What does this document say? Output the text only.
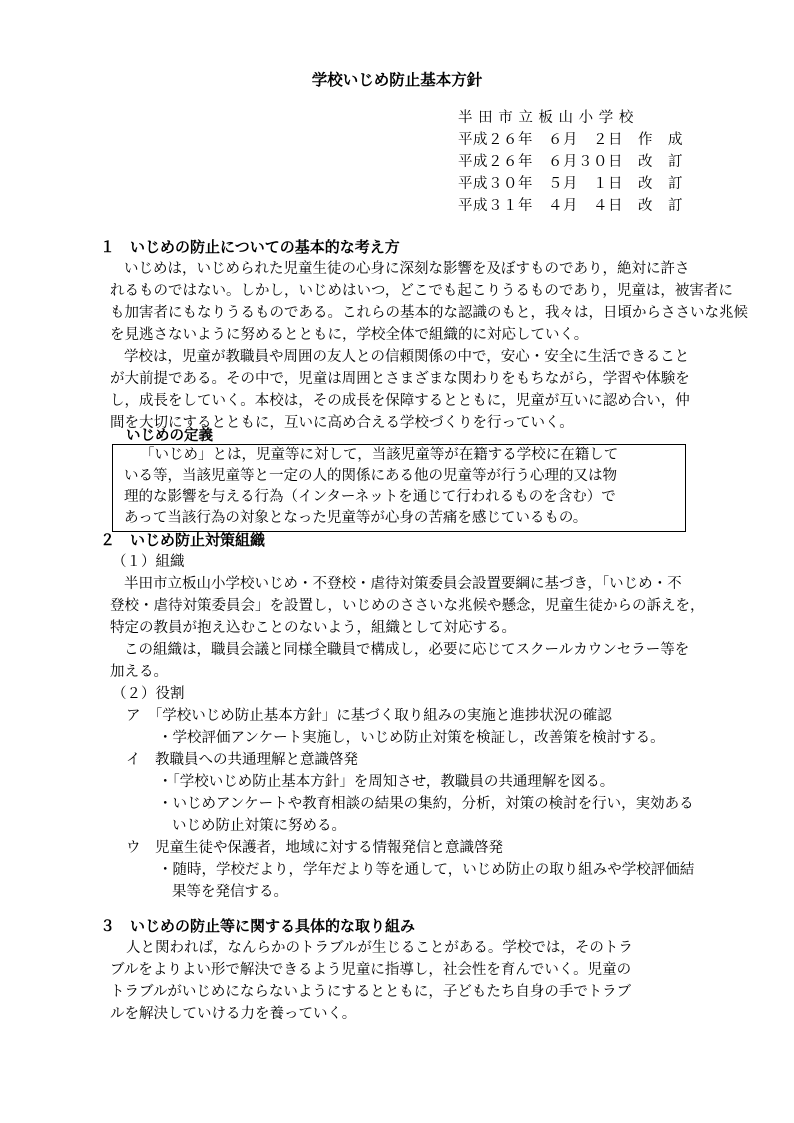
学校いじめ防止基本方針
半 田 市 立 板 山 小 学 校
平成２６年　６月　２日　作　成
平成２６年　６月３０日　改　訂
平成３０年　５月　１日　改　訂
平成３１年　４月　４日　改　訂
１　いじめの防止についての基本的な考え方
いじめは，いじめられた児童生徒の心身に深刻な影響を及ぼすものであり，絶対に許さ
れるものではない。しかし，いじめはいつ，どこでも起こりうるものであり，児童は，被害者に
も加害者にもなりうるものである。これらの基本的な認識のもと，我々は，日頃からささいな兆候
を見逃さないように努めるとともに，学校全体で組織的に対応していく。
学校は，児童が教職員や周囲の友人との信頼関係の中で，安心・安全に生活できること
が大前提である。その中で，児童は周囲とさまざまな関わりをもちながら，学習や体験を
し，成長をしていく。本校は，その成長を保障するとともに，児童が互いに認め合い，仲
間を大切にするとともに，互いに高め合える学校づくりを行っていく。
いじめの定義
「いじめ」とは，児童等に対して，当該児童等が在籍する学校に在籍して
いる等，当該児童等と一定の人的関係にある他の児童等が行う心理的又は物
理的な影響を与える行為（インターネットを通じて行われるものを含む）で
あって当該行為の対象となった児童等が心身の苦痛を感じているもの。
２　いじめ防止対策組織
（１）組織
半田市立板山小学校いじめ・不登校・虐待対策委員会設置要綱に基づき，「いじめ・不
登校・虐待対策委員会」を設置し，いじめのささいな兆候や懸念，児童生徒からの訴えを，
特定の教員が抱え込むことのないよう，組織として対応する。
この組織は，職員会議と同様全職員で構成し，必要に応じてスクールカウンセラー等を
加える。
（２）役割
ア　「学校いじめ防止基本方針」に基づく取り組みの実施と進捗状況の確認
・学校評価アンケート実施し，いじめ防止対策を検証し，改善策を検討する。
イ　教職員への共通理解と意識啓発
・「学校いじめ防止基本方針」を周知させ，教職員の共通理解を図る。
・いじめアンケートや教育相談の結果の集約，分析，対策の検討を行い，実効ある
いじめ防止対策に努める。
ウ　児童生徒や保護者，地域に対する情報発信と意識啓発
・随時，学校だより，学年だより等を通して，いじめ防止の取り組みや学校評価結
果等を発信する。
３　いじめの防止等に関する具体的な取り組み
人と関われば，なんらかのトラブルが生じることがある。学校では，そのトラ
ブルをよりよい形で解決できるよう児童に指導し，社会性を育んでいく。児童の
トラブルがいじめにならないようにするとともに，子どもたち自身の手でトラブ
ルを解決していける力を養っていく。
